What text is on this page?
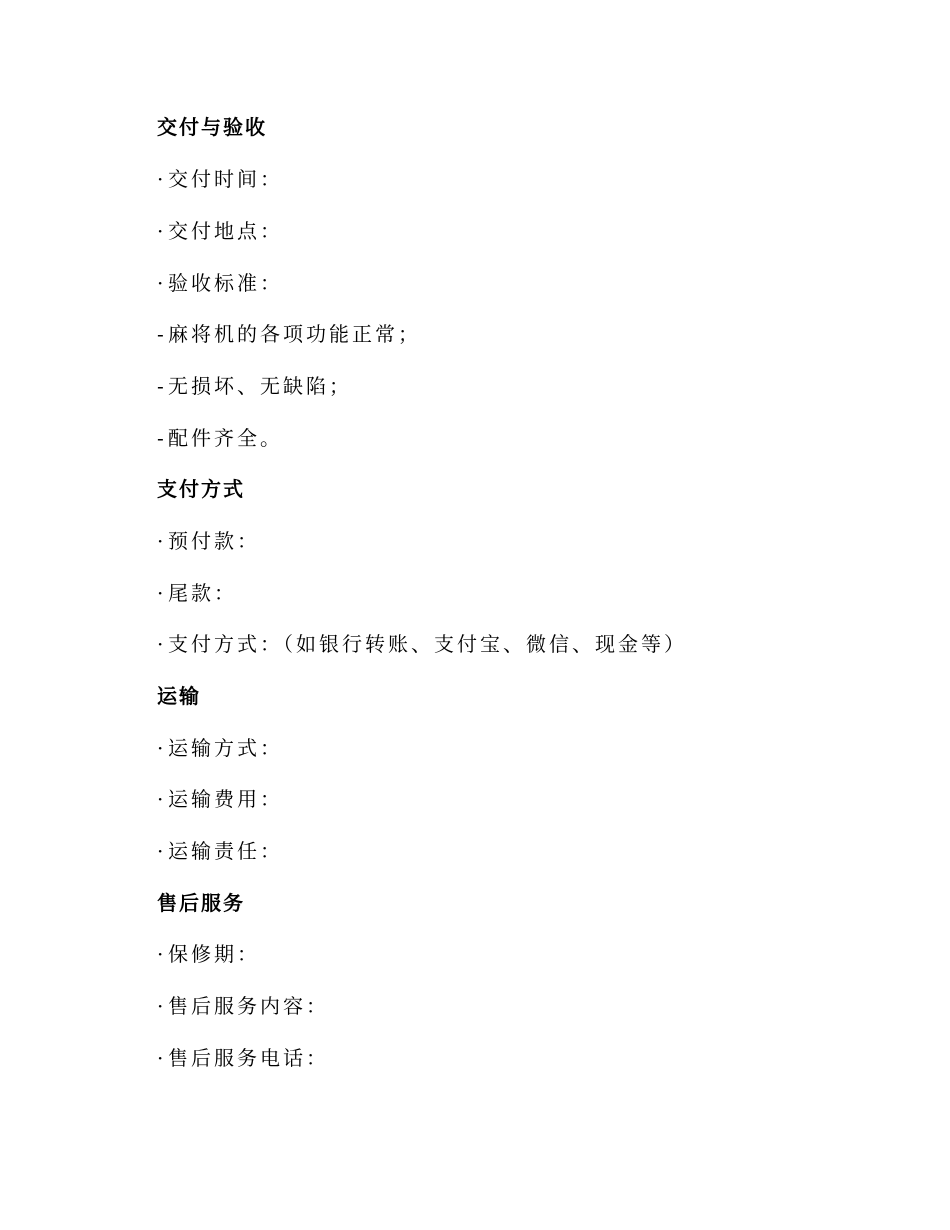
交付与验收
·交付时间：
·交付地点：
·验收标准：
-麻将机的各项功能正常；
-无损坏、无缺陷；
-配件齐全。
支付方式
·预付款：
·尾款：
·支付方式：（如银行转账、支付宝、微信、现金等）
运输
·运输方式：
·运输费用：
·运输责任：
售后服务
·保修期：
·售后服务内容：
·售后服务电话：
